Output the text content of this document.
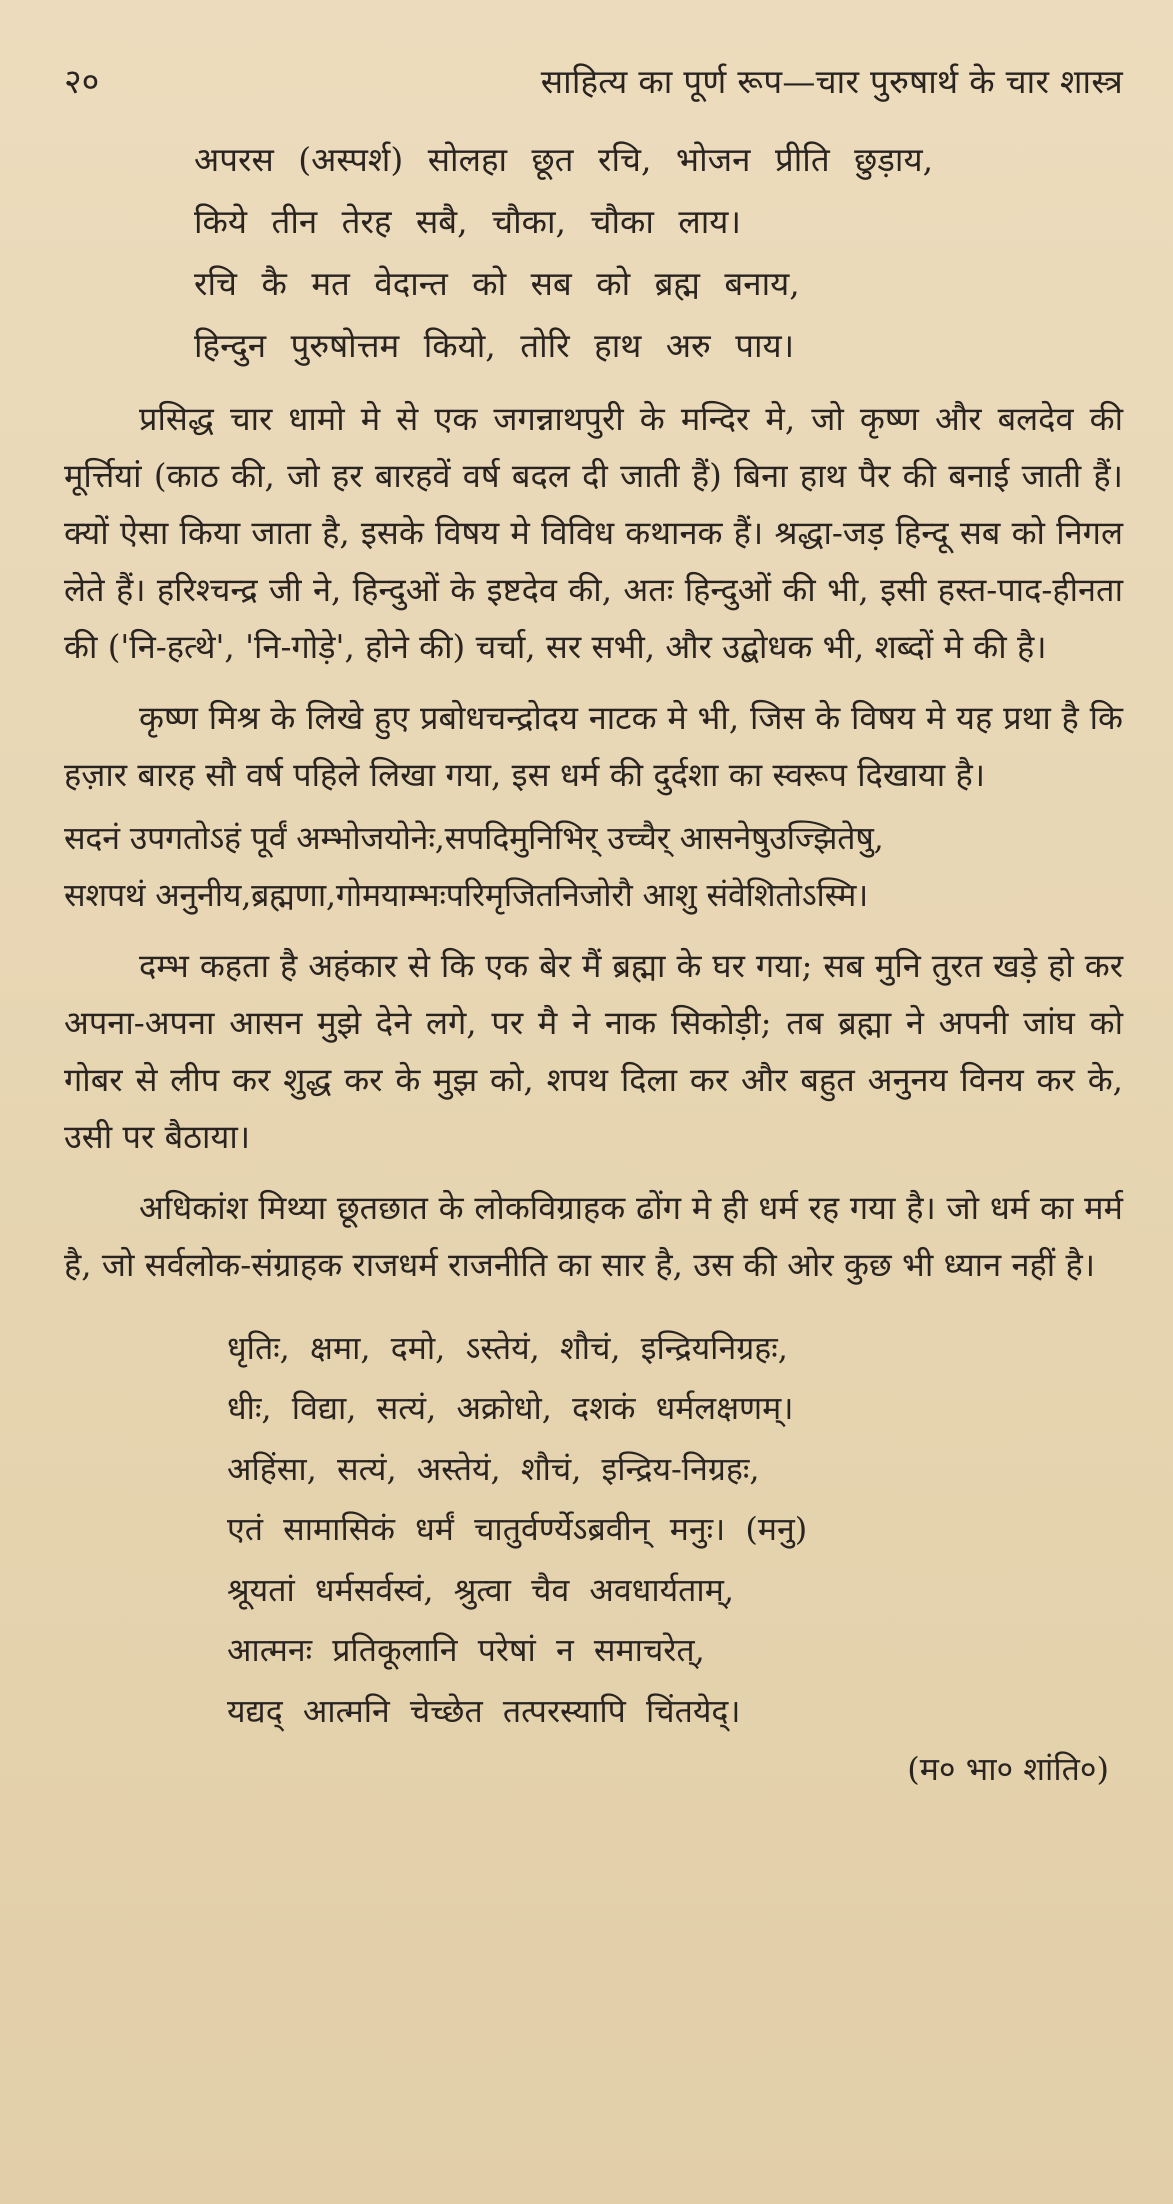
२०	साहित्य का पूर्ण रूप—चार पुरुषार्थ के चार शास्त्र
अपरस (अस्पर्श) सोलहा छूत रचि, भोजन प्रीति छुड़ाय,
किये तीन तेरह सबै, चौका, चौका लाय।
रचि कै मत वेदान्त को सब को ब्रह्म बनाय,
हिन्दुन पुरुषोत्तम कियो, तोरि हाथ अरु पाय।

प्रसिद्ध चार धामो मे से एक जगन्नाथपुरी के मन्दिर मे, जो कृष्ण और बलदेव की मूर्त्तियां (काठ की, जो हर बारहवें वर्ष बदल दी जाती हैं) बिना हाथ पैर की बनाई जाती हैं। क्यों ऐसा किया जाता है, इसके विषय मे विविध कथानक हैं। श्रद्धा-जड़ हिन्दू सब को निगल लेते हैं। हरिश्चन्द्र जी ने, हिन्दुओं के इष्टदेव की, अतः हिन्दुओं की भी, इसी हस्त-पाद-हीनता की ('नि-हत्थे', 'नि-गोड़े', होने की) चर्चा, सर सभी, और उद्बोधक भी, शब्दों मे की है।

कृष्ण मिश्र के लिखे हुए प्रबोधचन्द्रोदय नाटक मे भी, जिस के विषय मे यह प्रथा है कि हज़ार बारह सौ वर्ष पहिले लिखा गया, इस धर्म की दुर्दशा का स्वरूप दिखाया है।

सदनं उपगतोऽहं पूर्वं अम्भोजयोनेः,सपदिमुनिभिर् उच्चैर् आसनेषुउज्झितेषु,
सशपथं अनुनीय,ब्रह्मणा,गोमयाम्भःपरिमृजितनिजोरौ आशु संवेशितोऽस्मि।

दम्भ कहता है अहंकार से कि एक बेर मैं ब्रह्मा के घर गया; सब मुनि तुरत खड़े हो कर अपना-अपना आसन मुझे देने लगे, पर मै ने नाक सिकोड़ी; तब ब्रह्मा ने अपनी जांघ को गोबर से लीप कर शुद्ध कर के मुझ को, शपथ दिला कर और बहुत अनुनय विनय कर के, उसी पर बैठाया।

अधिकांश मिथ्या छूतछात के लोकविग्राहक ढोंग मे ही धर्म रह गया है। जो धर्म का मर्म है, जो सर्वलोक-संग्राहक राजधर्म राजनीति का सार है, उस की ओर कुछ भी ध्यान नहीं है।

धृतिः, क्षमा, दमो, ऽस्तेयं, शौचं, इन्द्रियनिग्रहः,
धीः, विद्या, सत्यं, अक्रोधो, दशकं धर्मलक्षणम्।
अहिंसा, सत्यं, अस्तेयं, शौचं, इन्द्रिय-निग्रहः,
एतं सामासिकं धर्मं चातुर्वर्ण्येऽब्रवीन् मनुः। (मनु)
श्रूयतां धर्मसर्वस्वं, श्रुत्वा चैव अवधार्यताम्,
आत्मनः प्रतिकूलानि परेषां न समाचरेत्,
यद्यद् आत्मनि चेच्छेत तत्परस्यापि चिंतयेद्।
(म० भा० शांति०)
